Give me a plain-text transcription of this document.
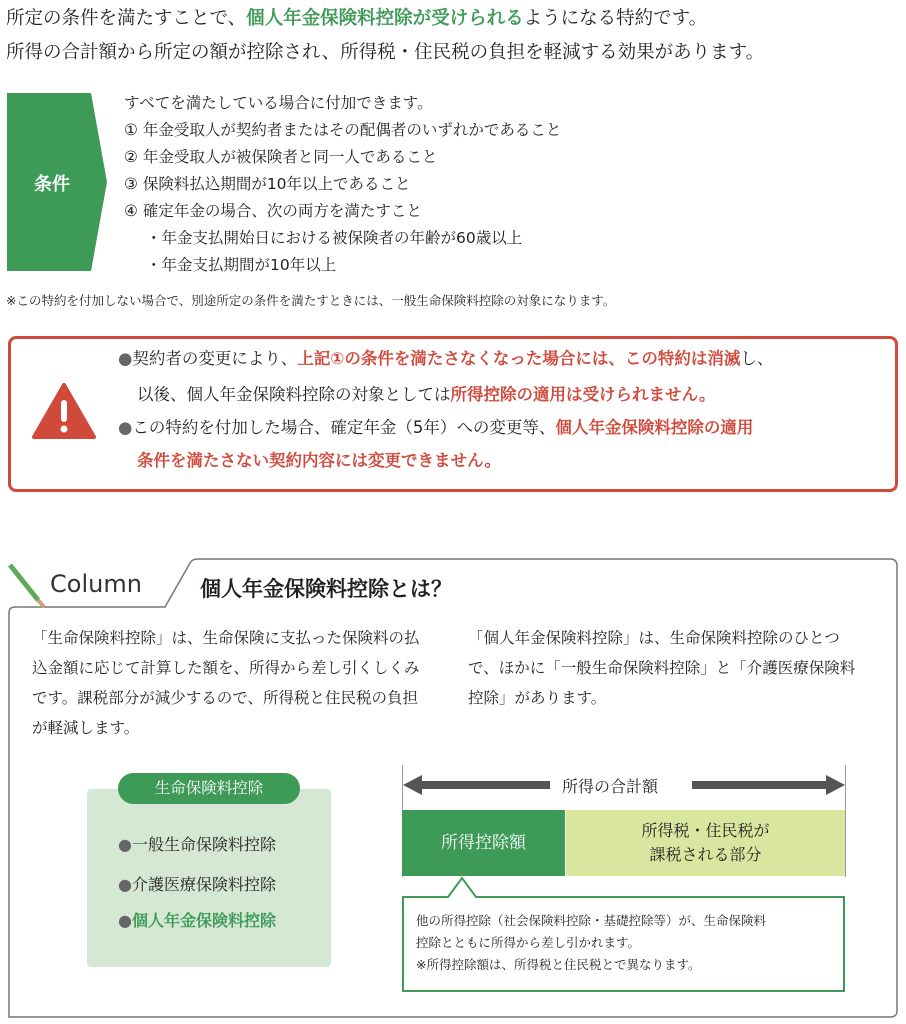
所定の条件を満たすことで、個人年金保険料控除が受けられるようになる特約です。
所得の合計額から所定の額が控除され、所得税・住民税の負担を軽減する効果があります。
条件
すべてを満たしている場合に付加できます。
① 年金受取人が契約者またはその配偶者のいずれかであること
② 年金受取人が被保険者と同一人であること
③ 保険料払込期間が10年以上であること
④ 確定年金の場合、次の両方を満たすこと
・年金支払開始日における被保険者の年齢が60歳以上
・年金支払期間が10年以上
※この特約を付加しない場合で、別途所定の条件を満たすときには、一般生命保険料控除の対象になります。
●契約者の変更により、上記①の条件を満たさなくなった場合には、この特約は消滅し、
以後、個人年金保険料控除の対象としては所得控除の適用は受けられません。
●この特約を付加した場合、確定年金（5年）への変更等、個人年金保険料控除の適用
条件を満たさない契約内容には変更できません。
Column	個人年金保険料控除とは？
「生命保険料控除」は、生命保険に支払った保険料の払込金額に応じて計算した額を、所得から差し引くしくみです。課税部分が減少するので、所得税と住民税の負担が軽減します。
「個人年金保険料控除」は、生命保険料控除のひとつで、ほかに「一般生命保険料控除」と「介護医療保険料控除」があります。
生命保険料控除
●一般生命保険料控除
●介護医療保険料控除
●個人年金保険料控除
所得の合計額
所得控除額
所得税・住民税が
課税される部分
他の所得控除（社会保険料控除・基礎控除等）が、生命保険料
控除とともに所得から差し引かれます。
※所得控除額は、所得税と住民税とで異なります。
